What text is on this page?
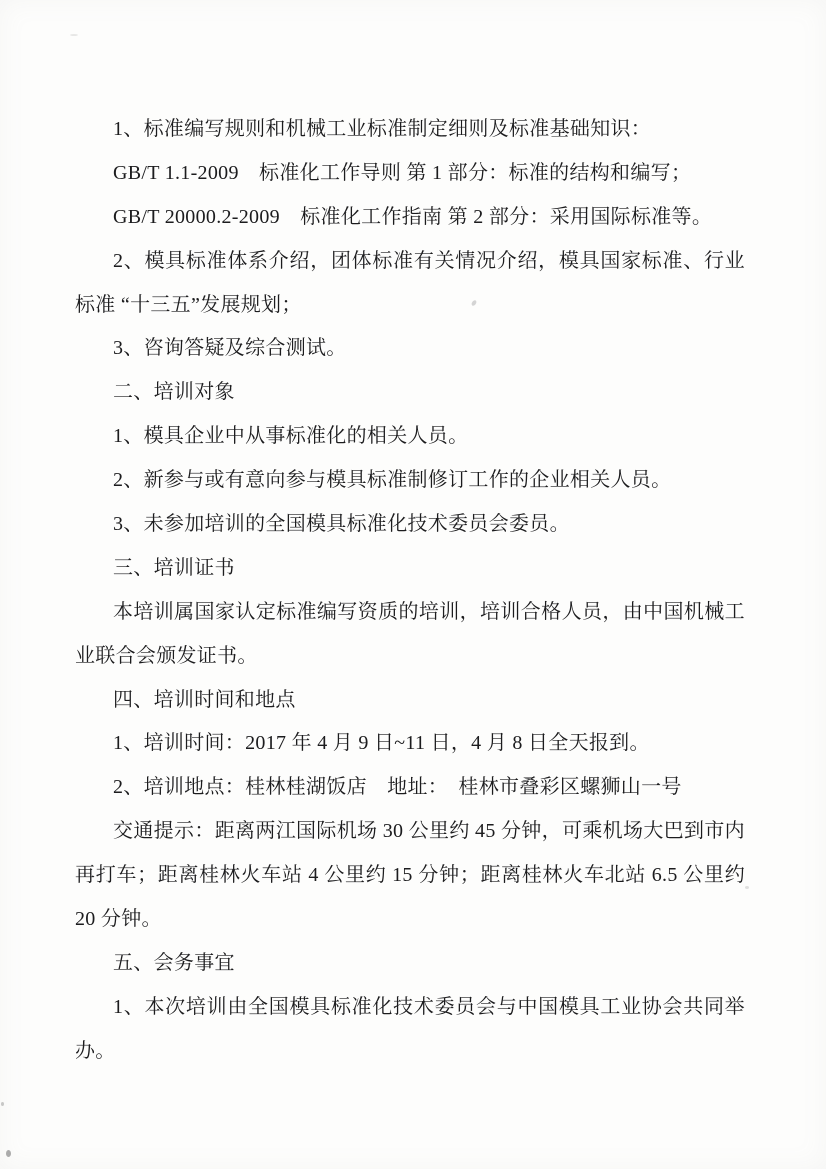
1、标准编写规则和机械工业标准制定细则及标准基础知识：
GB/T 1.1-2009　标准化工作导则 第 1 部分：标准的结构和编写；
GB/T 20000.2-2009　标准化工作指南 第 2 部分：采用国际标准等。
2、模具标准体系介绍，团体标准有关情况介绍，模具国家标准、行业
标准 “十三五”发展规划；
3、咨询答疑及综合测试。
二、培训对象
1、模具企业中从事标准化的相关人员。
2、新参与或有意向参与模具标准制修订工作的企业相关人员。
3、未参加培训的全国模具标准化技术委员会委员。
三、培训证书
本培训属国家认定标准编写资质的培训，培训合格人员，由中国机械工
业联合会颁发证书。
四、培训时间和地点
1、培训时间：2017 年 4 月 9 日~11 日，4 月 8 日全天报到。
2、培训地点：桂林桂湖饭店　地址：　桂林市叠彩区螺狮山一号
交通提示：距离两江国际机场 30 公里约 45 分钟，可乘机场大巴到市内
再打车；距离桂林火车站 4 公里约 15 分钟；距离桂林火车北站 6.5 公里约
20 分钟。
五、会务事宜
1、本次培训由全国模具标准化技术委员会与中国模具工业协会共同举
办。
